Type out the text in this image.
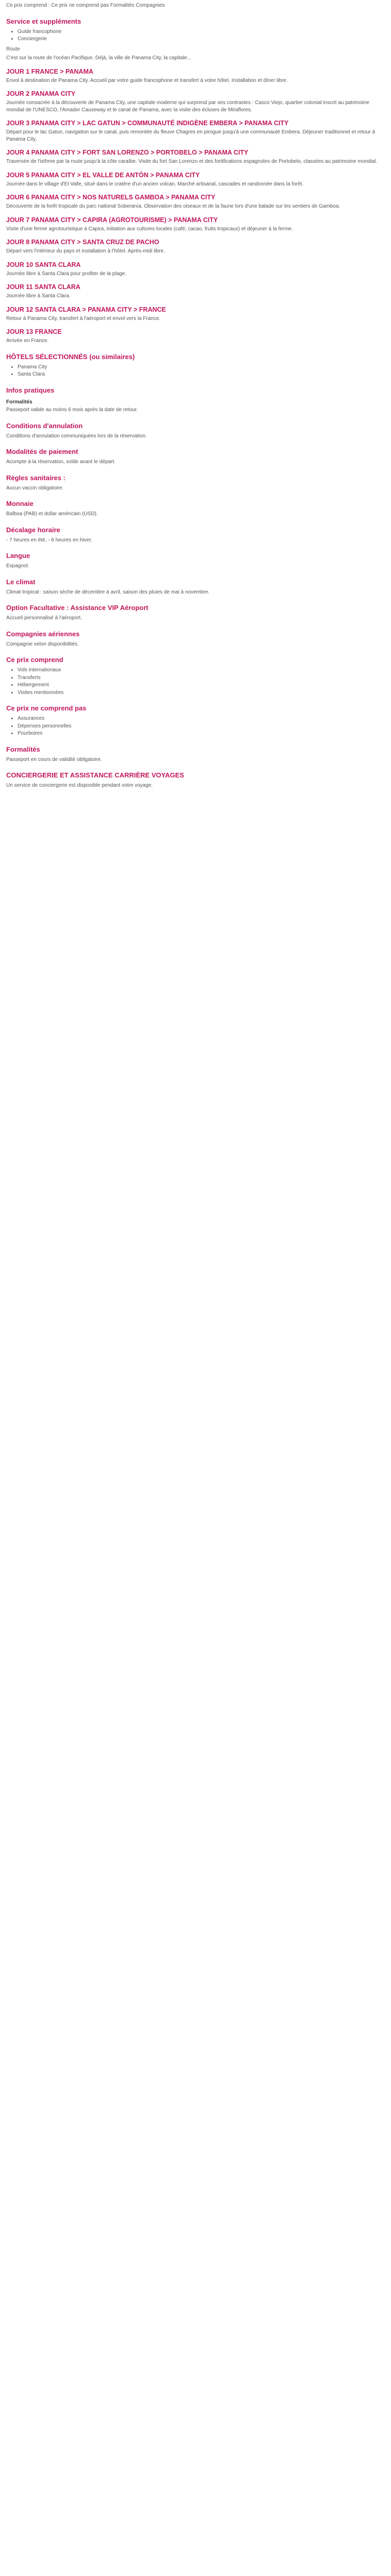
Ce prix comprend : Ce prix ne comprend pas Formalités Compagnies

Service et suppléments
• Guide francophone
• Conciergerie

Route

C'est sur la route de l'océan Pacifique. Déjà, la ville de Panama City, la capitale...

JOUR 1 FRANCE > PANAMA

Envol à destination de Panama City. Accueil par votre guide francophone et transfert à votre hôtel. Installation et dîner libre.

JOUR 2 PANAMA CITY

Journée consacrée à la découverte de Panama City, une capitale moderne qui surprend par ses contrastes : Casco Viejo, quartier colonial inscrit au patrimoine mondial de l'UNESCO, l'Amador Causeway et le canal de Panama, avec la visite des écluses de Miraflores.

JOUR 3 PANAMA CITY > LAC GATUN > COMMUNAUTÉ INDIGÈNE EMBERA > PANAMA CITY

Départ pour le lac Gatun, navigation sur le canal, puis remontée du fleuve Chagres en pirogue jusqu'à une communauté Embera. Déjeuner traditionnel et retour à Panama City.

JOUR 4 PANAMA CITY > FORT SAN LORENZO > PORTOBELO > PANAMA CITY

Traversée de l'isthme par la route jusqu'à la côte caraïbe. Visite du fort San Lorenzo et des fortifications espagnoles de Portobelo, classées au patrimoine mondial.

JOUR 5 PANAMA CITY > EL VALLE DE ANTÓN > PANAMA CITY

Journée dans le village d'El Valle, situé dans le cratère d'un ancien volcan. Marché artisanal, cascades et randonnée dans la forêt.

JOUR 6 PANAMA CITY > NOS NATURELS GAMBOA > PANAMA CITY

Découverte de la forêt tropicale du parc national Soberanía. Observation des oiseaux et de la faune lors d'une balade sur les sentiers de Gamboa.

JOUR 7 PANAMA CITY > CAPIRA (AGROTOURISME) > PANAMA CITY

Visite d'une ferme agrotouristique à Capira, initiation aux cultures locales (café, cacao, fruits tropicaux) et déjeuner à la ferme.

JOUR 8 PANAMA CITY > SANTA CRUZ DE PACHO

Départ vers l'intérieur du pays et installation à l'hôtel. Après-midi libre.

JOUR 10 SANTA CLARA

Journée libre à Santa Clara pour profiter de la plage.

JOUR 11 SANTA CLARA

Journée libre à Santa Clara.

JOUR 12 SANTA CLARA > PANAMA CITY > FRANCE

Retour à Panama City, transfert à l'aéroport et envol vers la France.

JOUR 13 FRANCE

Arrivée en France.

HÔTELS SÉLECTIONNÉS (ou similaires)
• Panama City
• Santa Clara
Infos pratiques
Formalités

Passeport valide au moins 6 mois après la date de retour.

Conditions d'annulation

Conditions d'annulation communiquées lors de la réservation.

Modalités de paiement

Acompte à la réservation, solde avant le départ.

Règles sanitaires :

Aucun vaccin obligatoire.

Monnaie

Balboa (PAB) et dollar américain (USD).

Décalage horaire

- 7 heures en été, - 6 heures en hiver.

Langue

Espagnol.

Le climat

Climat tropical : saison sèche de décembre à avril, saison des pluies de mai à novembre.

Option Facultative : Assistance VIP Aéroport

Accueil personnalisé à l'aéroport.

Compagnies aériennes

Compagnie selon disponibilités.

Ce prix comprend
• Vols internationaux
• Transferts
• Hébergement
• Visites mentionnées
Ce prix ne comprend pas
• Assurances
• Dépenses personnelles
• Pourboires
Formalités

Passeport en cours de validité obligatoire.

CONCIERGERIE ET ASSISTANCE CARRIÈRE VOYAGES

Un service de conciergerie est disponible pendant votre voyage.
